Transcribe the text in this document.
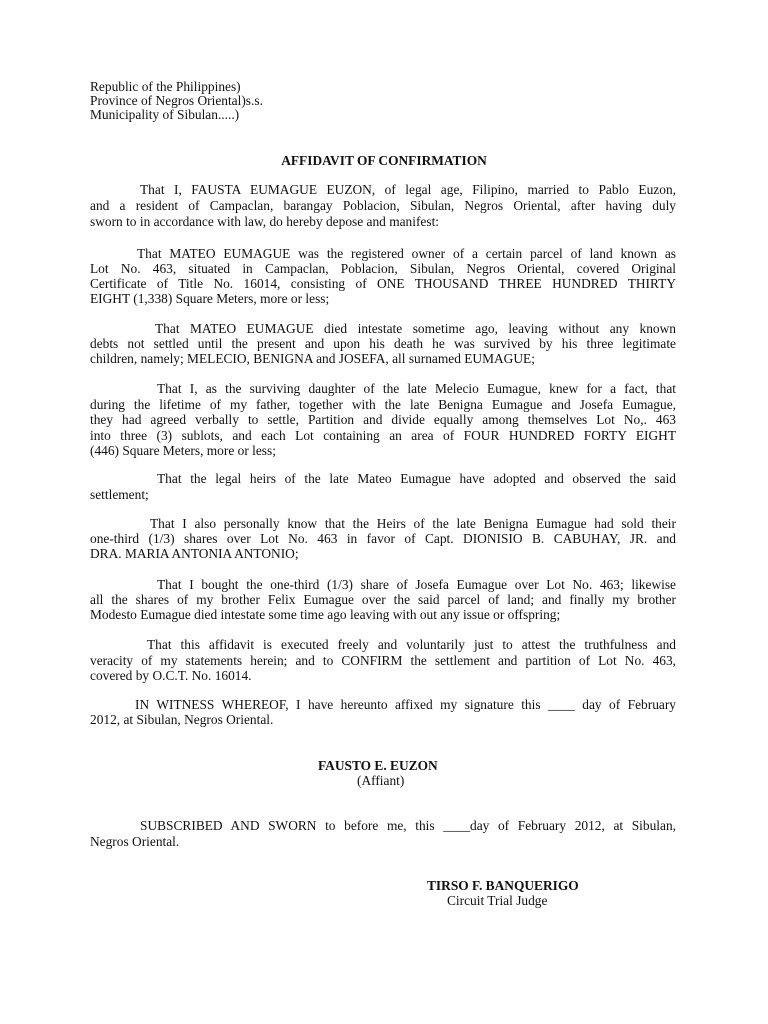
Republic of the Philippines)
Province of Negros Oriental)s.s.
Municipality of Sibulan.....)
AFFIDAVIT OF CONFIRMATION
That I, FAUSTA EUMAGUE EUZON, of legal age, Filipino, married to Pablo Euzon,
and a resident of Campaclan, barangay Poblacion, Sibulan, Negros Oriental, after having duly
sworn to in accordance with law, do hereby depose and manifest:
That MATEO EUMAGUE was the registered owner of a certain parcel of land known as
Lot No. 463, situated in Campaclan, Poblacion, Sibulan, Negros Oriental, covered Original
Certificate of Title No. 16014, consisting of ONE THOUSAND THREE HUNDRED THIRTY
EIGHT (1,338) Square Meters, more or less;
That MATEO EUMAGUE died intestate sometime ago, leaving without any known
debts not settled until the present and upon his death he was survived by his three legitimate
children, namely; MELECIO, BENIGNA and JOSEFA, all surnamed EUMAGUE;
That I, as the surviving daughter of the late Melecio Eumague, knew for a fact, that
during the lifetime of my father, together with the late Benigna Eumague and Josefa Eumague,
they had agreed verbally to settle, Partition and divide equally among themselves Lot No,. 463
into three (3) sublots, and each Lot containing an area of FOUR HUNDRED FORTY EIGHT
(446) Square Meters, more or less;
That the legal heirs of the late Mateo Eumague have adopted and observed the said
settlement;
That I also personally know that the Heirs of the late Benigna Eumague had sold their
one-third (1/3) shares over Lot No. 463 in favor of Capt. DIONISIO B. CABUHAY, JR. and
DRA. MARIA ANTONIA ANTONIO;
That I bought the one-third (1/3) share of Josefa Eumague over Lot No. 463; likewise
all the shares of my brother Felix Eumague over the said parcel of land; and finally my brother
Modesto Eumague died intestate some time ago leaving with out any issue or offspring;
That this affidavit is executed freely and voluntarily just to attest the truthfulness and
veracity of my statements herein; and to CONFIRM the settlement and partition of Lot No. 463,
covered by O.C.T. No. 16014.
IN WITNESS WHEREOF, I have hereunto affixed my signature this ____ day of February
2012, at Sibulan, Negros Oriental.
FAUSTO E. EUZON
(Affiant)
SUBSCRIBED AND SWORN to before me, this ____day of February 2012, at Sibulan,
Negros Oriental.
TIRSO F. BANQUERIGO
Circuit Trial Judge
